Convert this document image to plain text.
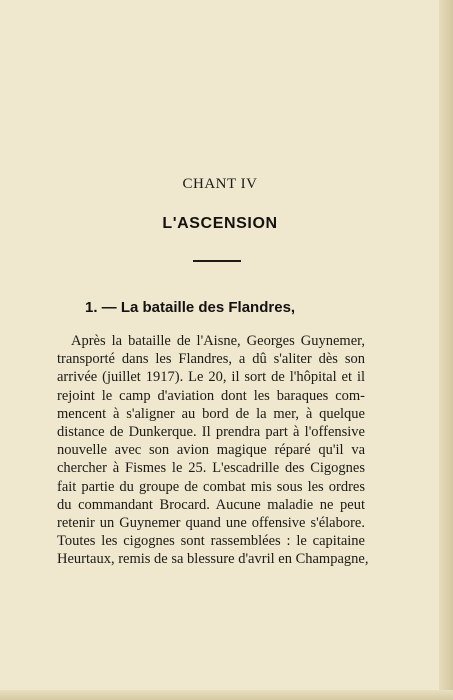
CHANT IV
L'ASCENSION
1. — La bataille des Flandres,
Après la bataille de l'Aisne, Georges Guynemer,
transporté dans les Flandres, a dû s'aliter dès son
arrivée (juillet 1917). Le 20, il sort de l'hôpital et il
rejoint le camp d'aviation dont les baraques com-
mencent à s'aligner au bord de la mer, à quelque
distance de Dunkerque. Il prendra part à l'offensive
nouvelle avec son avion magique réparé qu'il va
chercher à Fismes le 25. L'escadrille des Cigognes
fait partie du groupe de combat mis sous les ordres
du commandant Brocard. Aucune maladie ne peut
retenir un Guynemer quand une offensive s'élabore.
Toutes les cigognes sont rassemblées : le capitaine
Heurtaux, remis de sa blessure d'avril en Champagne,
